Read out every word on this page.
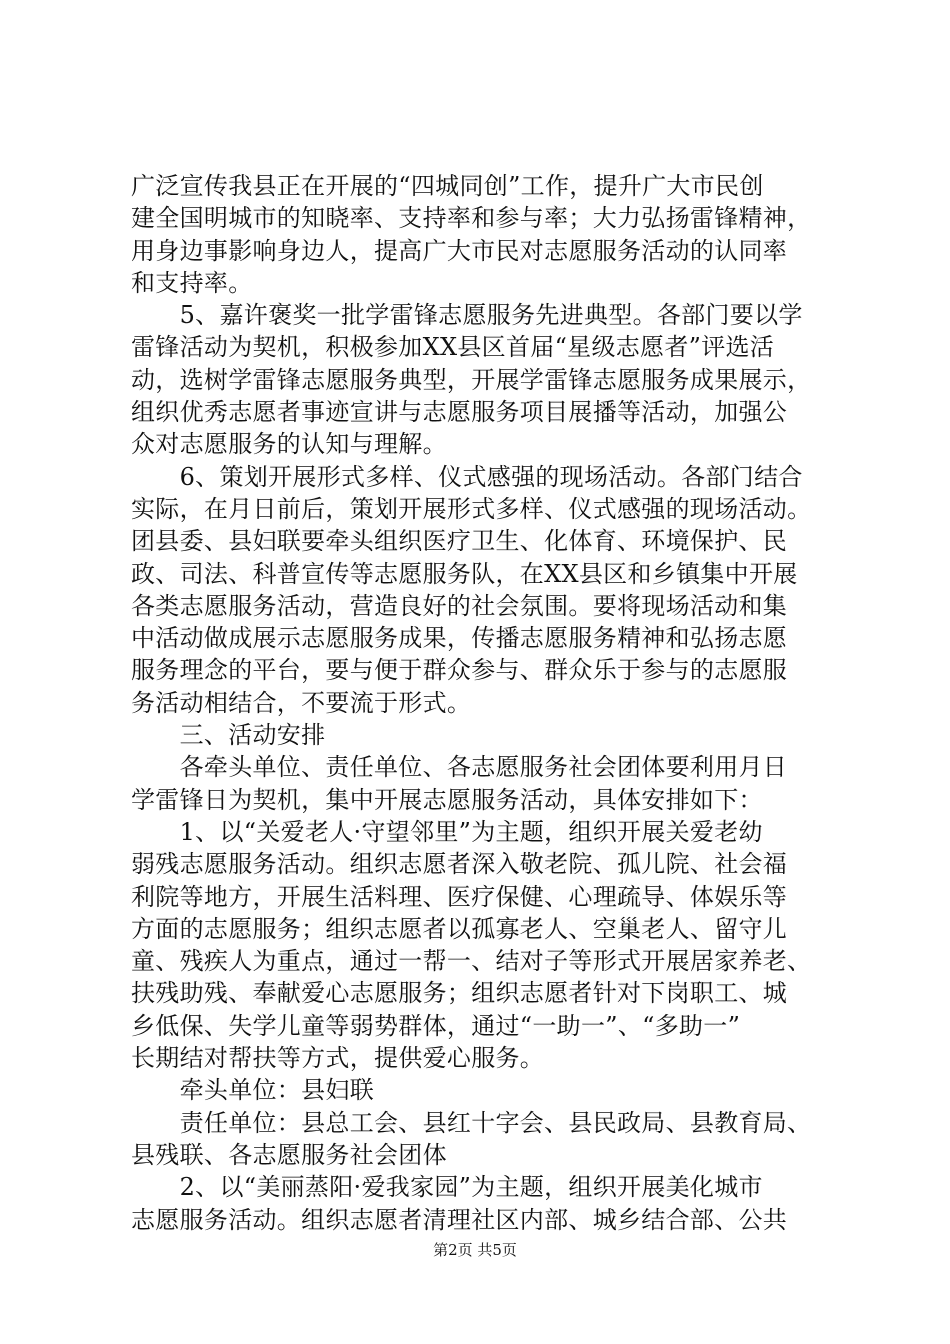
广泛宣传我县正在开展的“四城同创”工作，提升广大市民创
建全国明城市的知晓率、支持率和参与率；大力弘扬雷锋精神，
用身边事影响身边人，提高广大市民对志愿服务活动的认同率
和支持率。
　　5、嘉许褒奖一批学雷锋志愿服务先进典型。各部门要以学
雷锋活动为契机，积极参加XX县区首届“星级志愿者”评选活
动，选树学雷锋志愿服务典型，开展学雷锋志愿服务成果展示，
组织优秀志愿者事迹宣讲与志愿服务项目展播等活动，加强公
众对志愿服务的认知与理解。
　　6、策划开展形式多样、仪式感强的现场活动。各部门结合
实际，在月日前后，策划开展形式多样、仪式感强的现场活动。
团县委、县妇联要牵头组织医疗卫生、化体育、环境保护、民
政、司法、科普宣传等志愿服务队，在XX县区和乡镇集中开展
各类志愿服务活动，营造良好的社会氛围。要将现场活动和集
中活动做成展示志愿服务成果，传播志愿服务精神和弘扬志愿
服务理念的平台，要与便于群众参与、群众乐于参与的志愿服
务活动相结合，不要流于形式。
　　三、活动安排
　　各牵头单位、责任单位、各志愿服务社会团体要利用月日
学雷锋日为契机，集中开展志愿服务活动，具体安排如下：
　　1、以“关爱老人·守望邻里”为主题，组织开展关爱老幼
弱残志愿服务活动。组织志愿者深入敬老院、孤儿院、社会福
利院等地方，开展生活料理、医疗保健、心理疏导、体娱乐等
方面的志愿服务；组织志愿者以孤寡老人、空巢老人、留守儿
童、残疾人为重点，通过一帮一、结对子等形式开展居家养老、
扶残助残、奉献爱心志愿服务；组织志愿者针对下岗职工、城
乡低保、失学儿童等弱势群体，通过“一助一”、“多助一”
长期结对帮扶等方式，提供爱心服务。
　　牵头单位：县妇联
　　责任单位：县总工会、县红十字会、县民政局、县教育局、
县残联、各志愿服务社会团体
　　2、以“美丽蒸阳·爱我家园”为主题，组织开展美化城市
志愿服务活动。组织志愿者清理社区内部、城乡结合部、公共
第2页 共5页
